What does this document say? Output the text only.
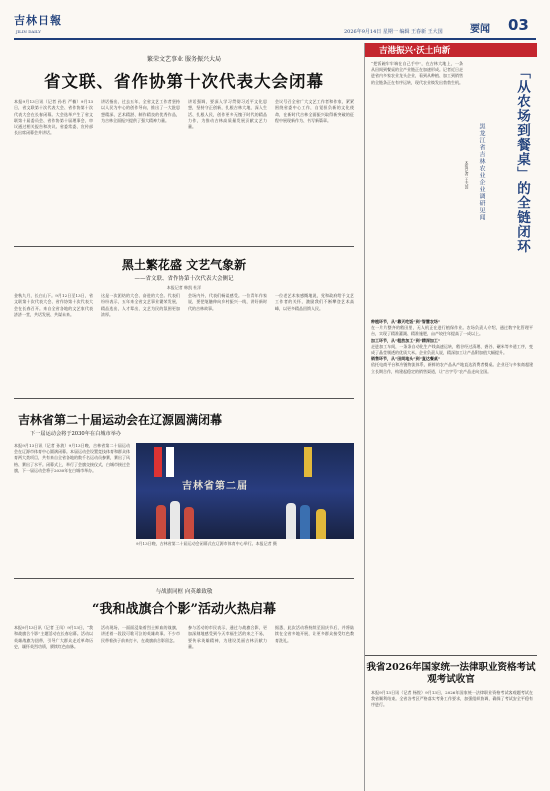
吉林日報
JILIN DAILY	2026年9月14日 星期一 编辑 王春新 王大国	要闻 03
繁荣文艺事业 服务振兴大局
省文联、省作协第十次代表大会闭幕
本报9月13日讯（记者 孙若 严楠）9月13日，省文联第十次代表大会、省作协第十次代表大会在长春闭幕。大会选举产生了省文联第十届委员会、省作协第十届理事会，审议通过相关报告和决议。省委常委、宣传部长出席闭幕会并讲话。
讲话指出，过去五年，全省文艺工作者坚持以人民为中心的创作导向，推出了一大批思想精深、艺术精湛、制作精良的优秀作品，为吉林全面振兴提供了强大精神力量。
讲话强调，要深入学习贯彻习近平文化思想，坚持守正创新，扎根吉林大地，深入生活、扎根人民，创作更多无愧于时代的精品力作，为推动吉林高质量发展贡献文艺力量。
会议号召全省广大文艺工作者和作家，紧紧围绕省委中心工作，自觉担负新的文化使命，在新时代吉林全面振兴取得新突破的征程中展现新作为、书写新篇章。
黑土繁花盛 文艺气象新
——省文联、省作协第十次代表大会侧记
本报记者 韩凯 杜洋
金秋九月，长白山下。9月12日至13日，省文联第十次代表大会、省作协第十次代表大会在长春召开。来自全省各地的文艺家代表济济一堂，共话发展、共谋未来。
这是一次团结的大会、奋进的大会。代表们纷纷表示，五年来全省文艺事业繁荣发展，精品迭出，人才辈出，文艺为民的氛围更加浓厚。
会场内外，代表们畅谈感受。一位青年作家说，要把笔触伸向乡村振兴一线，讲好新时代的吉林故事。
一位老艺术家感慨地说，党和政府给予文艺工作者的关怀，激励我们不断攀登艺术高峰，以更多精品回馈人民。
吉林省第二十届运动会在辽源圆满闭幕
下一届运动会将于2030年在白城市举办
本报9月13日讯（记者 孙波）9月13日晚，吉林省第二十届运动会在辽源市体育中心圆满闭幕。本届运动会设置竞技体育和群众体育两大类项目，共有来自全省各地的数千名运动员参赛，赛出了风格、赛出了水平。闭幕式上，举行了会旗交接仪式，白城市接过会旗，下一届运动会将于2030年在白城市举办。
吉林省第二届
9月13日晚，吉林省第二十届运动会闭幕式在辽源市体育中心举行。本报记者 摄
与战旗同框 向英雄致敬
“我和战旗合个影”活动火热启幕
本报9月13日讯（记者 王凤）9月13日，“我和战旗合个影”主题活动在长春启幕。活动以英雄战旗为纽带，引导广大群众走近革命历史，缅怀英烈功绩，赓续红色血脉。
活动现场，一面面浸染着烈士鲜血的战旗，讲述着一段段可歌可泣的英雄故事。不少市民带着孩子前来打卡，在战旗前合影留念。
参与活动的市民表示，通过与战旗合影，更加深刻地感受到今天幸福生活的来之不易，要传承英雄精神，为建设美丽吉林贡献力量。
据悉，此次活动将持续至国庆节后，并将陆续在全省多地开展，让更多群众接受红色教育洗礼。
吉港振兴·沃土向新
“把饭碗牢牢端在自己手中”，在吉林大地上，一条从田间到餐桌的全产业链正在加速形成。记者近日走进省内多家农业龙头企业，看到从种植、加工到销售的全链条正在有序运转，现代农业焕发出勃勃生机。
本报记者 王大国 黑龙江省吉林农业企业调研见闻	「从农场到餐桌」的全链闭环

种植环节，从“靠天吃饭”到“智慧农场”

在一片片整齐的稻田里，无人机正在进行植保作业。农场负责人介绍，通过数字化管理平台，实现了精准灌溉、精准施肥，亩产较往年提高了一成以上。

加工环节，从“粗放加工”到“精深加工”

走进加工车间，一条条自动化生产线高速运转，稻谷经过清理、砻谷、碾米等多道工序，变成了晶莹剔透的优质大米。企业负责人说，精深加工让产品附加值大幅提升。

销售环节，从“田间地头”到“直达餐桌”

依托电商平台和冷链物流体系，新鲜的农产品从产地直达消费者餐桌。企业还与多家商超建立长期合作，构建起稳定的销售渠道，让“吉字号”农产品走向全国。

我省2026年国家统一法律职业资格考试观考试收官
本报9月13日讯（记者 杨悦）9月13日，2026年国家统一法律职业资格考试客观题考试在我省顺利结束。全省各考区严格落实考务工作要求，加强组织协调，确保了考试安全平稳有序进行。
